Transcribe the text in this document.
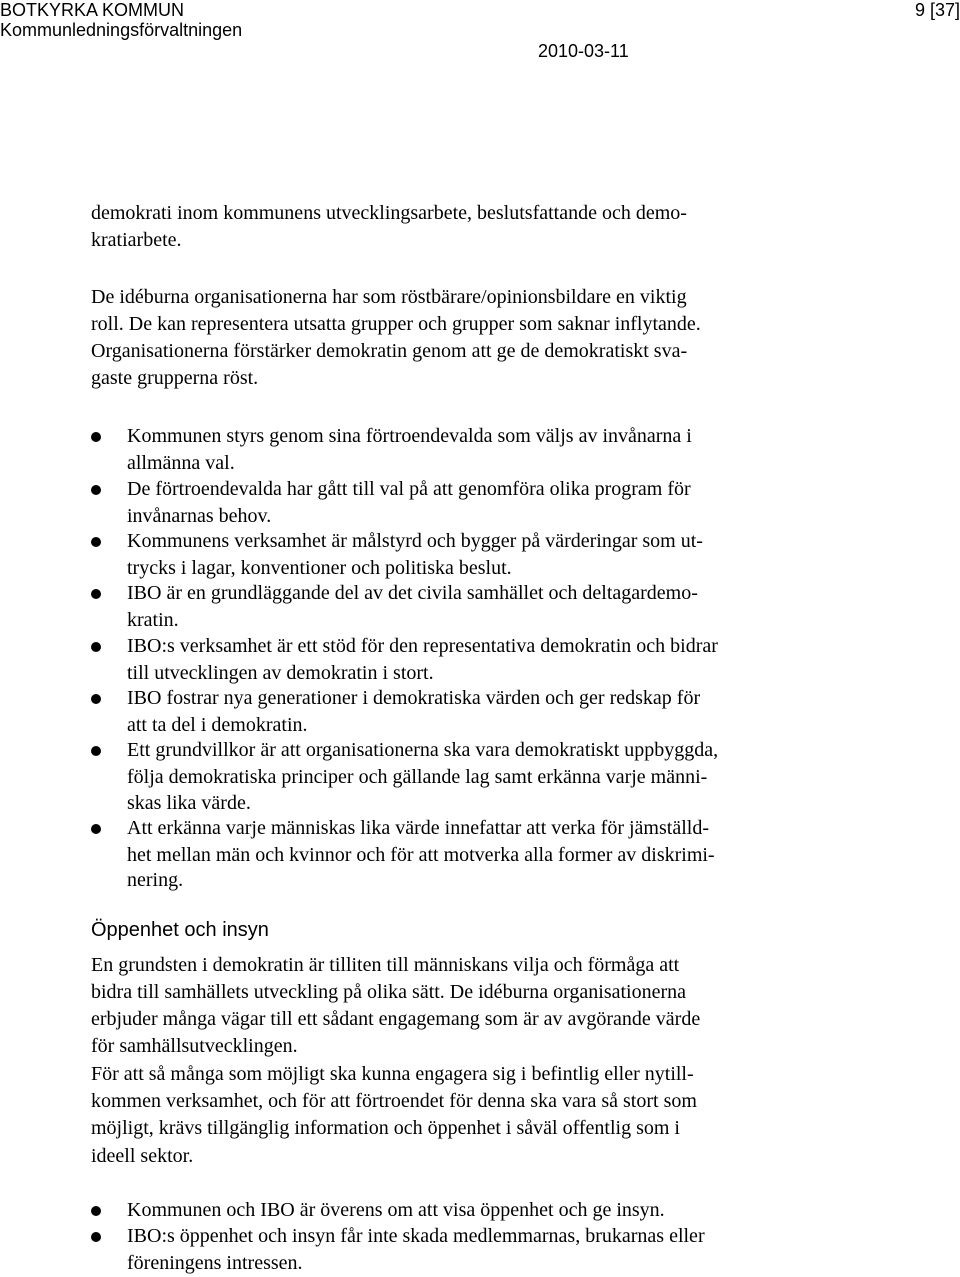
BOTKYRKA KOMMUN
Kommunledningsförvaltningen
9 [37]
2010-03-11
demokrati inom kommunens utvecklingsarbete, beslutsfattande och demo-
kratiarbete.
De idéburna organisationerna har som röstbärare/opinionsbildare en viktig
roll. De kan representera utsatta grupper och grupper som saknar inflytande.
Organisationerna förstärker demokratin genom att ge de demokratiskt sva-
gaste grupperna röst.
Kommunen styrs genom sina förtroendevalda som väljs av invånarna i
allmänna val.
De förtroendevalda har gått till val på att genomföra olika program för
invånarnas behov.
Kommunens verksamhet är målstyrd och bygger på värderingar som ut-
trycks i lagar, konventioner och politiska beslut.
IBO är en grundläggande del av det civila samhället och deltagardemo-
kratin.
IBO:s verksamhet är ett stöd för den representativa demokratin och bidrar
till utvecklingen av demokratin i stort.
IBO fostrar nya generationer i demokratiska värden och ger redskap för
att ta del i demokratin.
Ett grundvillkor är att organisationerna ska vara demokratiskt uppbyggda,
följa demokratiska principer och gällande lag samt erkänna varje männi-
skas lika värde.
Att erkänna varje människas lika värde innefattar att verka för jämställd-
het mellan män och kvinnor och för att motverka alla former av diskrimi-
nering.
Öppenhet och insyn
En grundsten i demokratin är tilliten till människans vilja och förmåga att
bidra till samhällets utveckling på olika sätt. De idéburna organisationerna
erbjuder många vägar till ett sådant engagemang som är av avgörande värde
för samhällsutvecklingen.
För att så många som möjligt ska kunna engagera sig i befintlig eller nytill-
kommen verksamhet, och för att förtroendet för denna ska vara så stort som
möjligt, krävs tillgänglig information och öppenhet i såväl offentlig som i
ideell sektor.
Kommunen och IBO är överens om att visa öppenhet och ge insyn.
IBO:s öppenhet och insyn får inte skada medlemmarnas, brukarnas eller
föreningens intressen.
